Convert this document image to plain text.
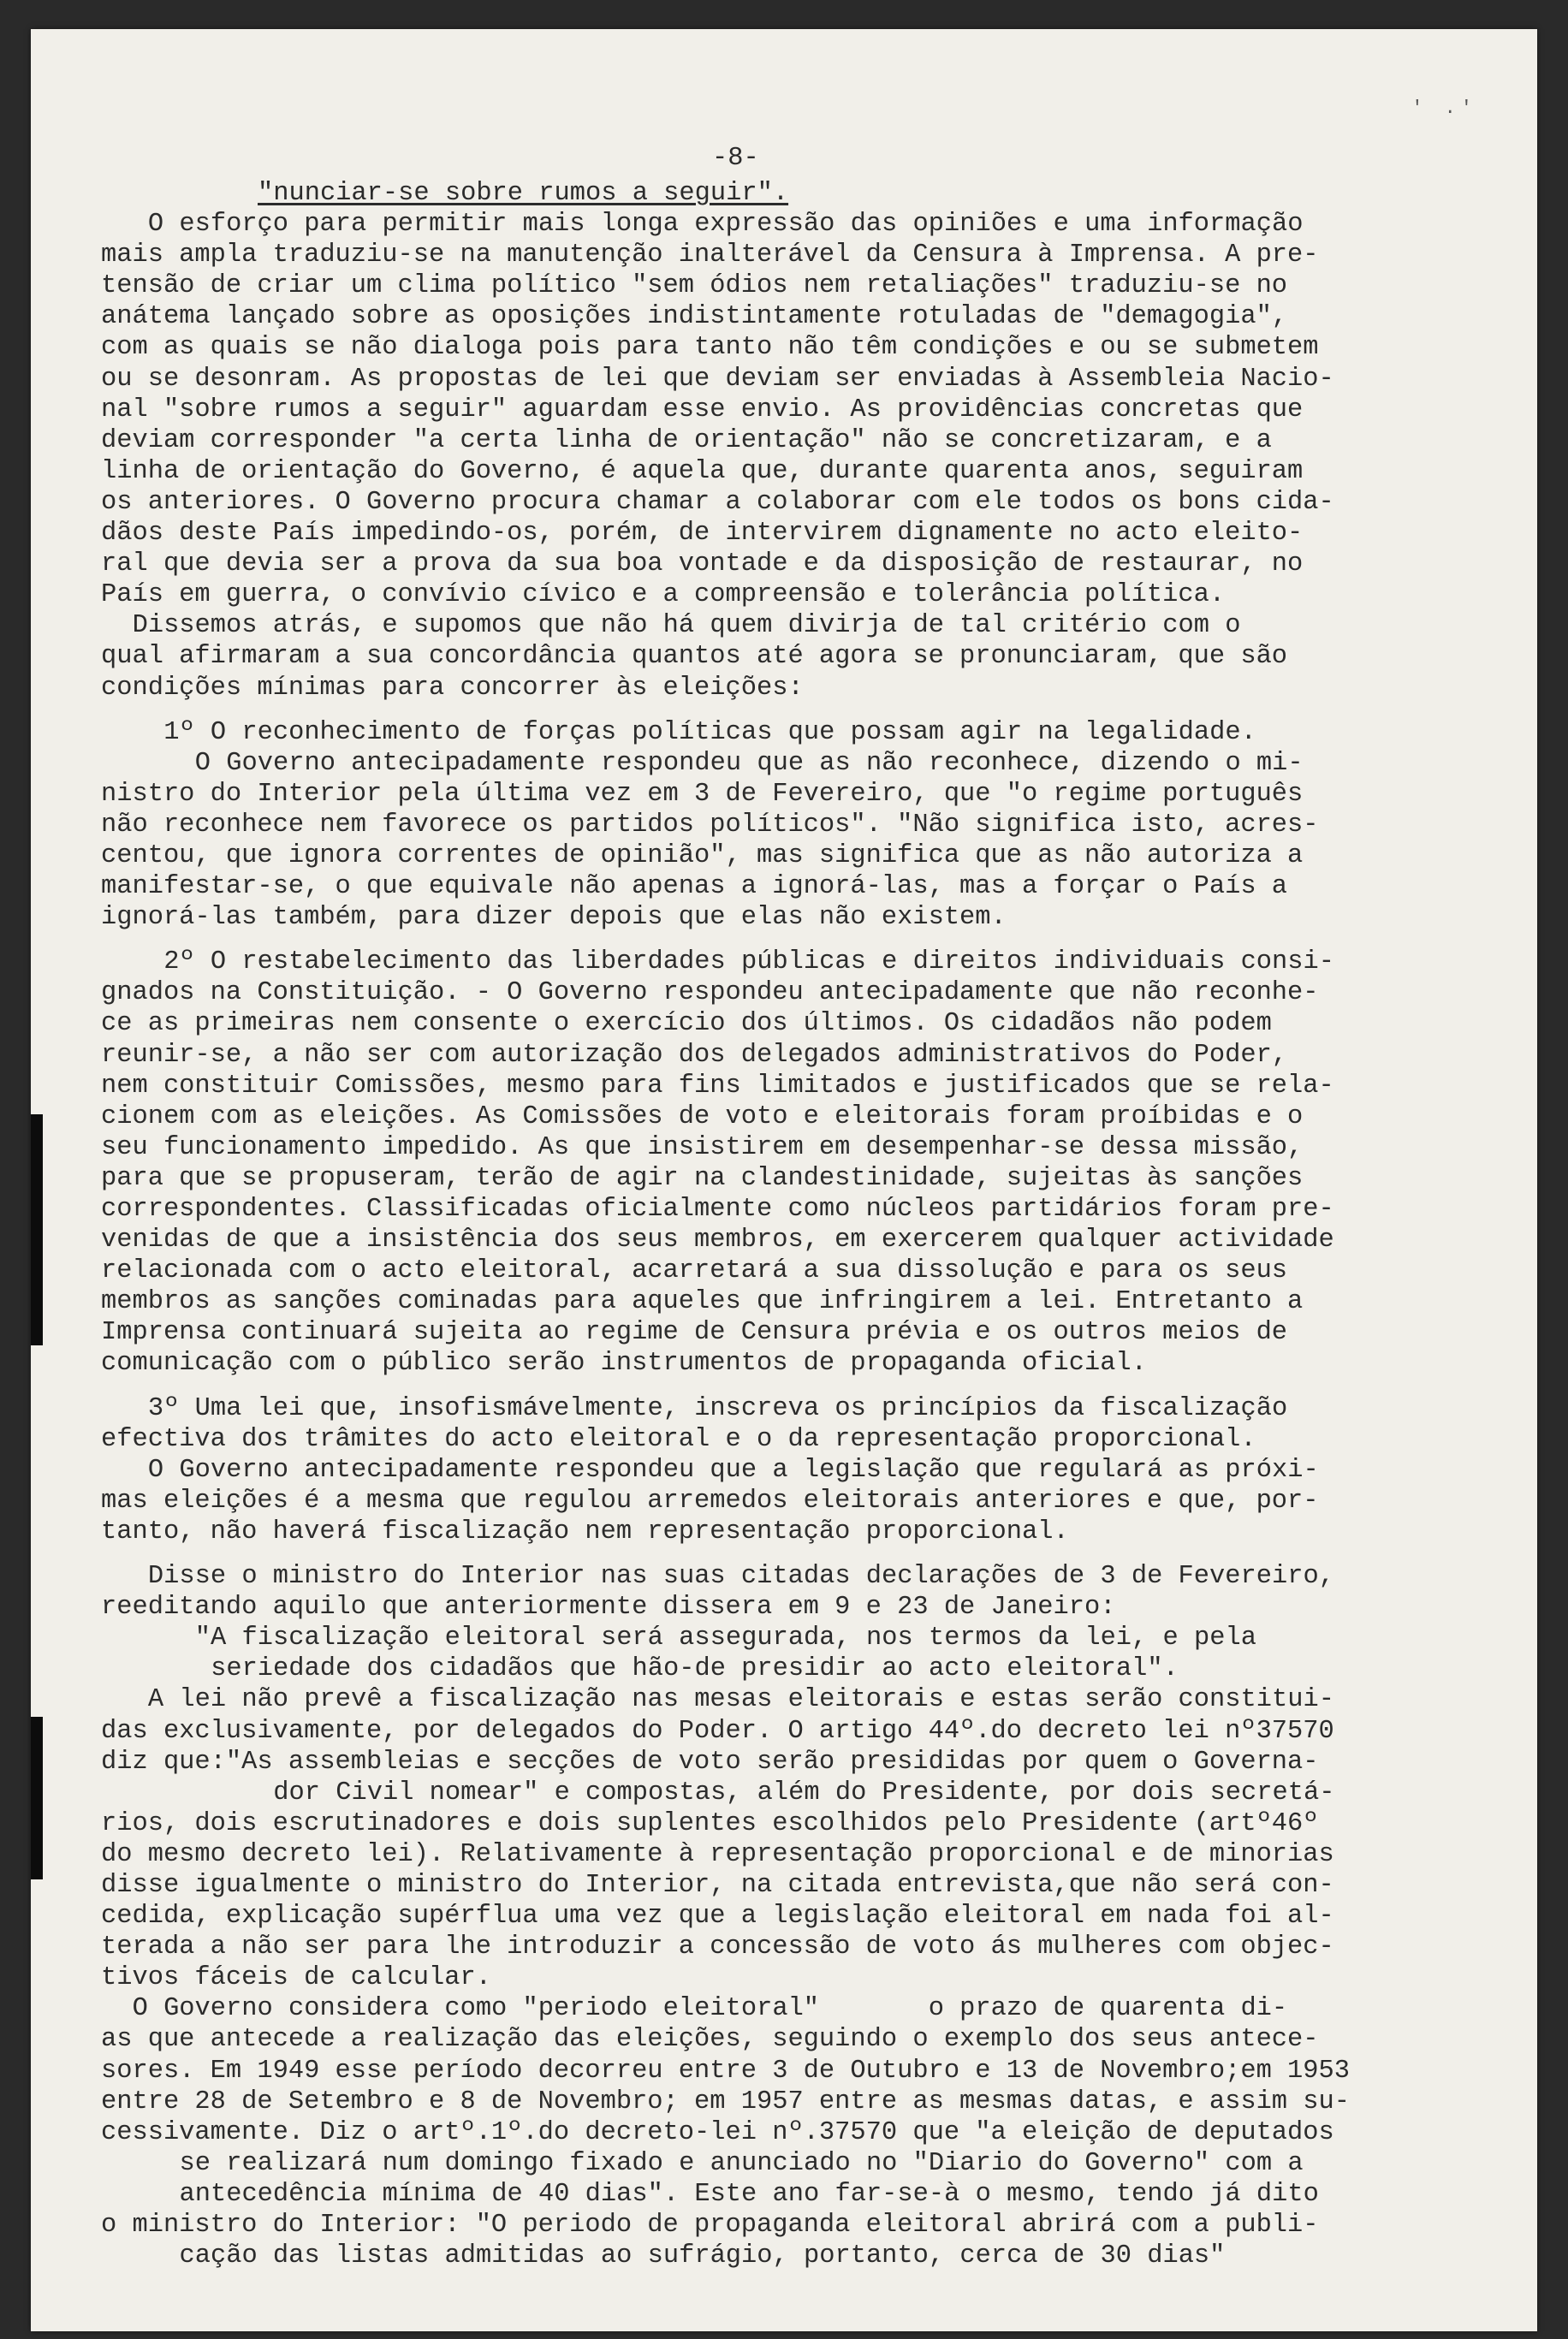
' .'
-8-
"nunciar-se sobre rumos a seguir".
O esforço para permitir mais longa expressão das opiniões e uma informação
mais ampla traduziu-se na manutenção inalterável da Censura à Imprensa. A pre-
tensão de criar um clima político "sem ódios nem retaliações" traduziu-se no
anátema lançado sobre as oposições indistintamente rotuladas de "demagogia",
com as quais se não dialoga pois para tanto não têm condições e ou se submetem
ou se desonram. As propostas de lei que deviam ser enviadas à Assembleia Nacio-
nal "sobre rumos a seguir" aguardam esse envio. As providências concretas que
deviam corresponder "a certa linha de orientação" não se concretizaram, e a
linha de orientação do Governo, é aquela que, durante quarenta anos, seguiram
os anteriores. O Governo procura chamar a colaborar com ele todos os bons cida-
dãos deste País impedindo-os, porém, de intervirem dignamente no acto eleito-
ral que devia ser a prova da sua boa vontade e da disposição de restaurar, no
País em guerra, o convívio cívico e a compreensão e tolerância política.
Dissemos atrás, e supomos que não há quem divirja de tal critério com o
qual afirmaram a sua concordância quantos até agora se pronunciaram, que são
condições mínimas para concorrer às eleições:
1º O reconhecimento de forças políticas que possam agir na legalidade.
O Governo antecipadamente respondeu que as não reconhece, dizendo o mi-
nistro do Interior pela última vez em 3 de Fevereiro, que "o regime português
não reconhece nem favorece os partidos políticos". "Não significa isto, acres-
centou, que ignora correntes de opinião", mas significa que as não autoriza a
manifestar-se, o que equivale não apenas a ignorá-las, mas a forçar o País a
ignorá-las também, para dizer depois que elas não existem.
2º O restabelecimento das liberdades públicas e direitos individuais consi-
gnados na Constituição. - O Governo respondeu antecipadamente que não reconhe-
ce as primeiras nem consente o exercício dos últimos. Os cidadãos não podem
reunir-se, a não ser com autorização dos delegados administrativos do Poder,
nem constituir Comissões, mesmo para fins limitados e justificados que se rela-
cionem com as eleições. As Comissões de voto e eleitorais foram proíbidas e o
seu funcionamento impedido. As que insistirem em desempenhar-se dessa missão,
para que se propuseram, terão de agir na clandestinidade, sujeitas às sanções
correspondentes. Classificadas oficialmente como núcleos partidários foram pre-
venidas de que a insistência dos seus membros, em exercerem qualquer actividade
relacionada com o acto eleitoral, acarretará a sua dissolução e para os seus
membros as sanções cominadas para aqueles que infringirem a lei. Entretanto a
Imprensa continuará sujeita ao regime de Censura prévia e os outros meios de
comunicação com o público serão instrumentos de propaganda oficial.
3º Uma lei que, insofismávelmente, inscreva os princípios da fiscalização
efectiva dos trâmites do acto eleitoral e o da representação proporcional.
O Governo antecipadamente respondeu que a legislação que regulará as próxi-
mas eleições é a mesma que regulou arremedos eleitorais anteriores e que, por-
tanto, não haverá fiscalização nem representação proporcional.
Disse o ministro do Interior nas suas citadas declarações de 3 de Fevereiro,
reeditando aquilo que anteriormente dissera em 9 e 23 de Janeiro:
"A fiscalização eleitoral será assegurada, nos termos da lei, e pela
seriedade dos cidadãos que hão-de presidir ao acto eleitoral".
A lei não prevê a fiscalização nas mesas eleitorais e estas serão constitui-
das exclusivamente, por delegados do Poder. O artigo 44º.do decreto lei nº37570
diz que:"As assembleias e secções de voto serão presididas por quem o Governa-
dor Civil nomear" e compostas, além do Presidente, por dois secretá-
rios, dois escrutinadores e dois suplentes escolhidos pelo Presidente (artº46º
do mesmo decreto lei). Relativamente à representação proporcional e de minorias
disse igualmente o ministro do Interior, na citada entrevista,que não será con-
cedida, explicação supérflua uma vez que a legislação eleitoral em nada foi al-
terada a não ser para lhe introduzir a concessão de voto ás mulheres com objec-
tivos fáceis de calcular.
O Governo considera como "periodo eleitoral"       o prazo de quarenta di-
as que antecede a realização das eleições, seguindo o exemplo dos seus antece-
sores. Em 1949 esse período decorreu entre 3 de Outubro e 13 de Novembro;em 1953
entre 28 de Setembro e 8 de Novembro; em 1957 entre as mesmas datas, e assim su-
cessivamente. Diz o artº.1º.do decreto-lei nº.37570 que "a eleição de deputados
se realizará num domingo fixado e anunciado no "Diario do Governo" com a
antecedência mínima de 40 dias". Este ano far-se-à o mesmo, tendo já dito
o ministro do Interior: "O periodo de propaganda eleitoral abrirá com a publi-
cação das listas admitidas ao sufrágio, portanto, cerca de 30 dias"
